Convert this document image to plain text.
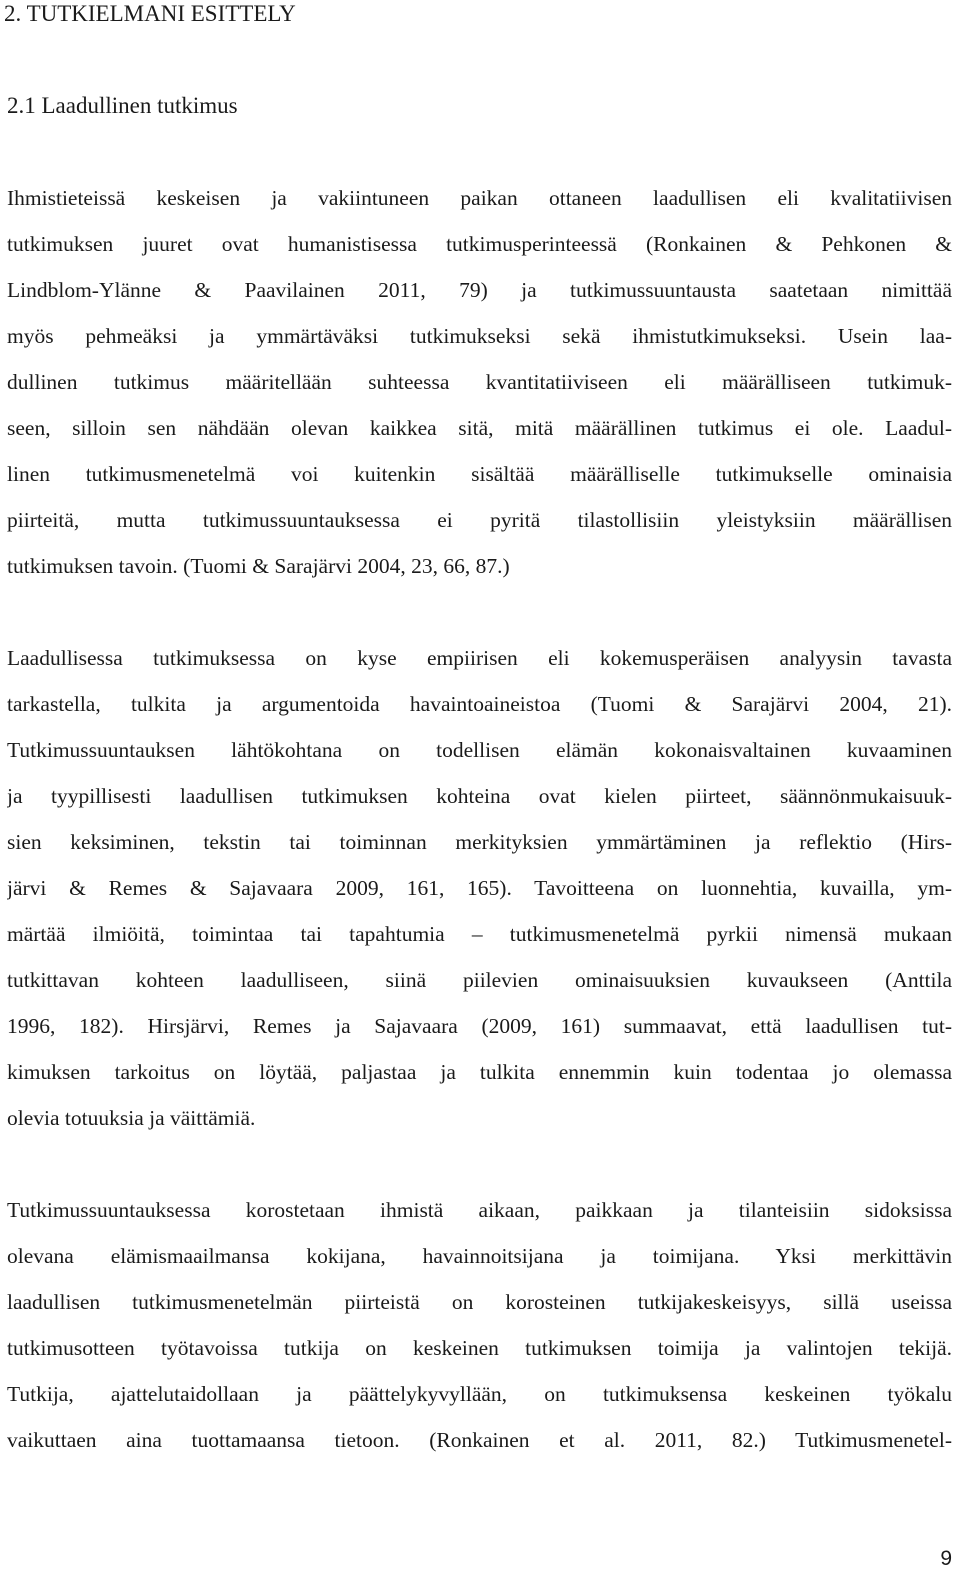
2. TUTKIELMANI ESITTELY
2.1 Laadullinen tutkimus
Ihmistieteissä keskeisen ja vakiintuneen paikan ottaneen laadullisen eli kvalitatiivisen
tutkimuksen juuret ovat humanistisessa tutkimusperinteessä (Ronkainen & Pehkonen &
Lindblom-Ylänne & Paavilainen 2011, 79) ja tutkimussuuntausta saatetaan nimittää
myös pehmeäksi ja ymmärtäväksi tutkimukseksi sekä ihmistutkimukseksi. Usein laa-
dullinen tutkimus määritellään suhteessa kvantitatiiviseen eli määrälliseen tutkimuk-
seen, silloin sen nähdään olevan kaikkea sitä, mitä määrällinen tutkimus ei ole. Laadul-
linen tutkimusmenetelmä voi kuitenkin sisältää määrälliselle tutkimukselle ominaisia
piirteitä, mutta tutkimussuuntauksessa ei pyritä tilastollisiin yleistyksiin määrällisen
tutkimuksen tavoin. (Tuomi & Sarajärvi 2004, 23, 66, 87.)
Laadullisessa tutkimuksessa on kyse empiirisen eli kokemusperäisen analyysin tavasta
tarkastella, tulkita ja argumentoida havaintoaineistoa (Tuomi & Sarajärvi 2004, 21).
Tutkimussuuntauksen lähtökohtana on todellisen elämän kokonaisvaltainen kuvaaminen
ja tyypillisesti laadullisen tutkimuksen kohteina ovat kielen piirteet, säännönmukaisuuk-
sien keksiminen, tekstin tai toiminnan merkityksien ymmärtäminen ja reflektio (Hirs-
järvi & Remes & Sajavaara 2009, 161, 165). Tavoitteena on luonnehtia, kuvailla, ym-
märtää ilmiöitä, toimintaa tai tapahtumia – tutkimusmenetelmä pyrkii nimensä mukaan
tutkittavan kohteen laadulliseen, siinä piilevien ominaisuuksien kuvaukseen (Anttila
1996, 182). Hirsjärvi, Remes ja Sajavaara (2009, 161) summaavat, että laadullisen tut-
kimuksen tarkoitus on löytää, paljastaa ja tulkita ennemmin kuin todentaa jo olemassa
olevia totuuksia ja väittämiä.
Tutkimussuuntauksessa korostetaan ihmistä aikaan, paikkaan ja tilanteisiin sidoksissa
olevana elämismaailmansa kokijana, havainnoitsijana ja toimijana. Yksi merkittävin
laadullisen tutkimusmenetelmän piirteistä on korosteinen tutkijakeskeisyys, sillä useissa
tutkimusotteen työtavoissa tutkija on keskeinen tutkimuksen toimija ja valintojen tekijä.
Tutkija, ajattelutaidollaan ja päättelykyvyllään, on tutkimuksensa keskeinen työkalu
vaikuttaen aina tuottamaansa tietoon. (Ronkainen et al. 2011, 82.) Tutkimusmenetel-
9
